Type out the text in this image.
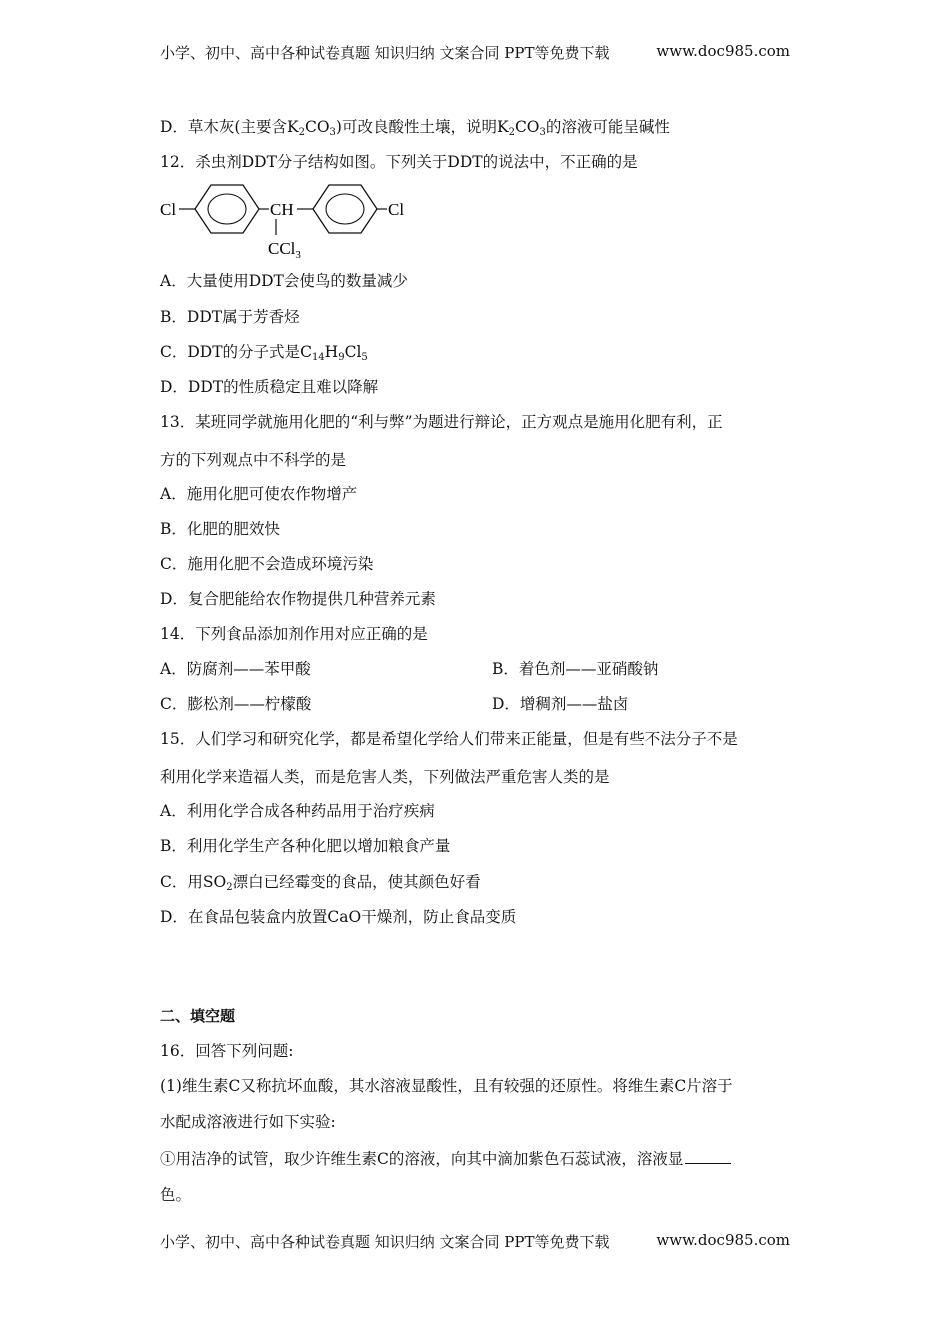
小学、初中、高中各种试卷真题 知识归纳 文案合同 PPT等免费下载	www.doc985.com
D．草木灰(主要含$K_2CO_3$)可改良酸性土壤，说明$K_2CO_3$的溶液可能呈碱性
12．杀虫剂DDT分子结构如图。下列关于DDT的说法中，不正确的是
Cl	CH	Cl
CCl$_3$
A．大量使用DDT会使鸟的数量减少
B．DDT属于芳香烃
C．DDT的分子式是$C_{14}H_9Cl_5$
D．DDT的性质稳定且难以降解
13．某班同学就施用化肥的“利与弊”为题进行辩论，正方观点是施用化肥有利，正
方的下列观点中不科学的是
A．施用化肥可使农作物增产
B．化肥的肥效快
C．施用化肥不会造成环境污染
D．复合肥能给农作物提供几种营养元素
14．下列食品添加剂作用对应正确的是
A．防腐剂——苯甲酸	B．着色剂——亚硝酸钠
C．膨松剂——柠檬酸	D．增稠剂——盐卤
15．人们学习和研究化学，都是希望化学给人们带来正能量，但是有些不法分子不是
利用化学来造福人类，而是危害人类，下列做法严重危害人类的是
A．利用化学合成各种药品用于治疗疾病
B．利用化学生产各种化肥以增加粮食产量
C．用$SO_2$漂白已经霉变的食品，使其颜色好看
D．在食品包装盒内放置CaO干燥剂，防止食品变质
二、填空题
16．回答下列问题:
(1)维生素C又称抗坏血酸，其水溶液显酸性，且有较强的还原性。将维生素C片溶于
水配成溶液进行如下实验:
①用洁净的试管，取少许维生素C的溶液，向其中滴加紫色石蕊试液，溶液显
色。
小学、初中、高中各种试卷真题 知识归纳 文案合同 PPT等免费下载	www.doc985.com
